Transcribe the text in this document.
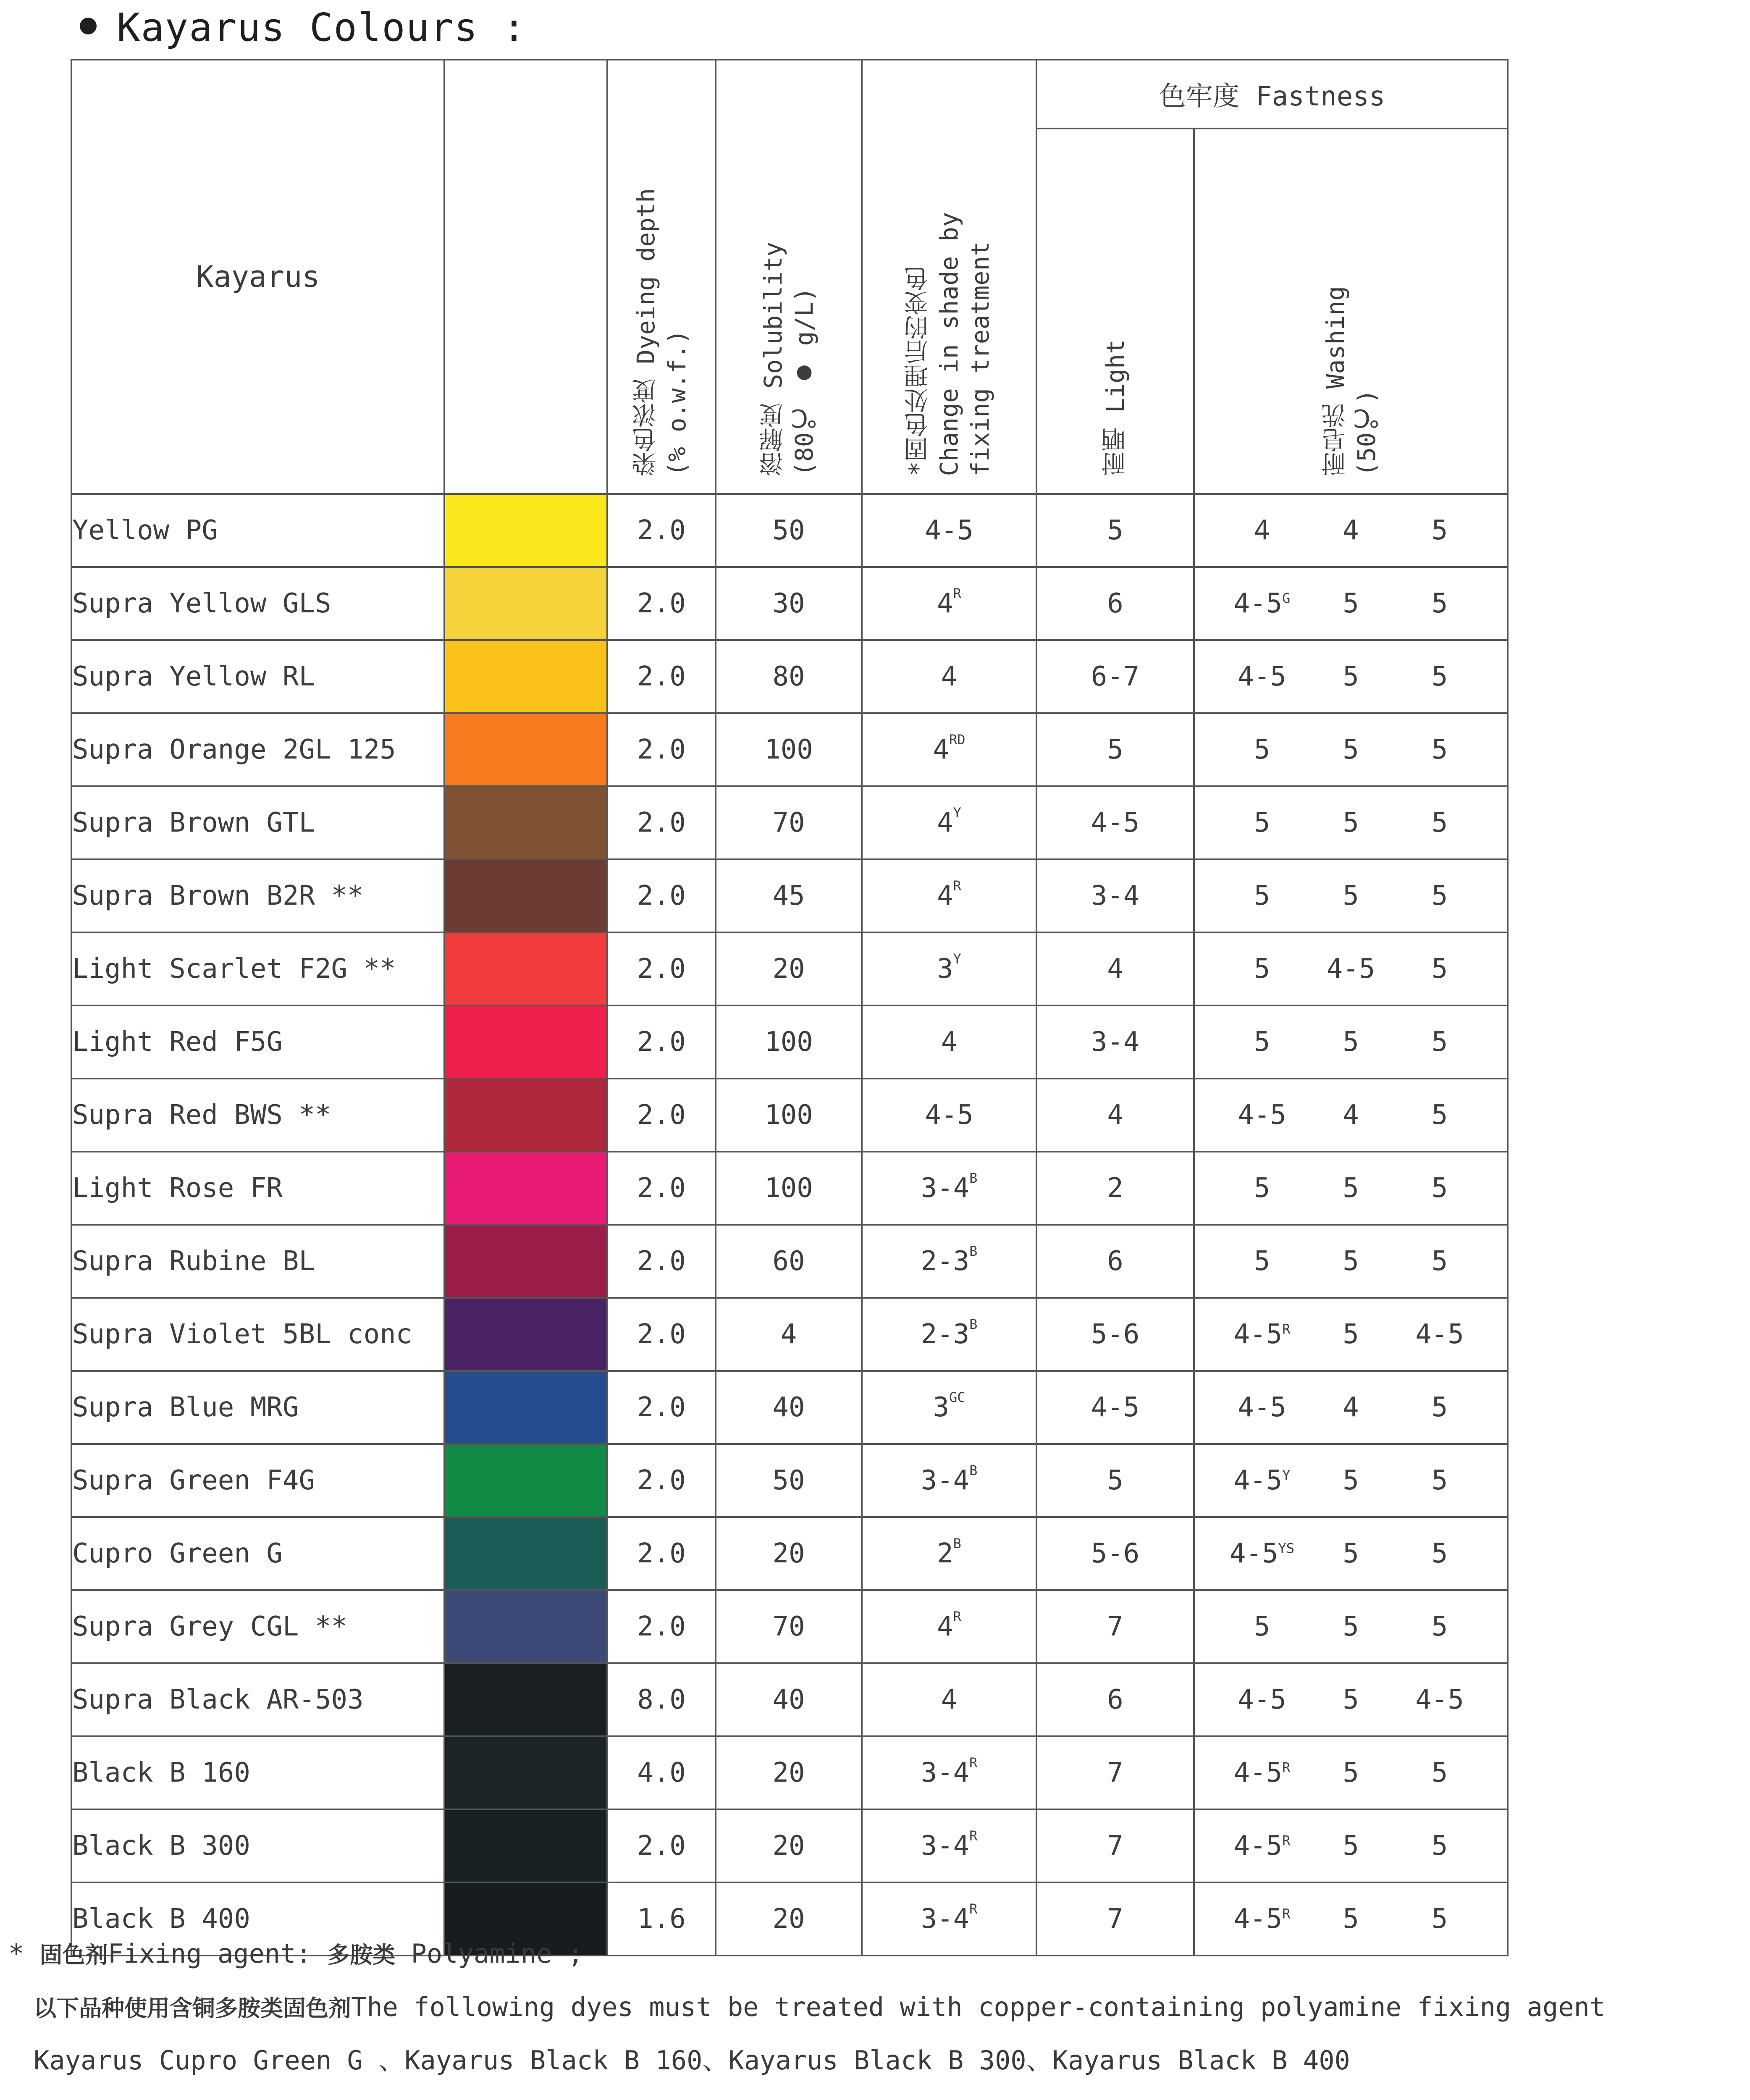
Kayarus Colours :
Kayarus		染色浓度 Dyeing depth (% o.w.f.)	溶解度 Solubility (80℃ ● g/L)	*固色处理后的变色 Change in shade by fixing treatment	色牢度 Fastness	

					耐晒 Light	耐皂洗 Washing (50℃)

Yellow PG		2.0	50	4-5	5	4 4 5

Supra Yellow GLS		2.0	30	$4^R$	6	$4-5^G$ 5 5

Supra Yellow RL		2.0	80	4	6-7	4-5 5 5

Supra Orange 2GL 125		2.0	100	4RD	5	5 5 5

Supra Brown GTL		2.0	70	$4^Y$	4-5	5 5 5

Supra Brown B2R **		2.0	45	$4^R$	3-4	5 5 5

Light Scarlet F2G **		2.0	20	$3^Y$	4	5 4-5 5

Light Red F5G		2.0	100	4	3-4	5 5 5

Supra Red BWS **		2.0	100	4-5	4	4-5 4 5

Light Rose FR		2.0	100	$3-4^B$	2	5 5 5

Supra Rubine BL		2.0	60	$2-3^B$	6	5 5 5

Supra Violet 5BL conc		2.0	4	$2-3^B$	5-6	$4-5^R$ 5 4-5

Supra Blue MRG		2.0	40	$3^{GC}$	4-5	4-5 4 5

Supra Green F4G		2.0	50	$3-4^B$	5	$4-5^Y$ 5 5

Cupro Green G		2.0	20	$2^B$	5-6	$4-5^{YS}$ 5 5

Supra Grey CGL **		2.0	70	$4^R$	7	5 5 5

Supra Black AR-503		8.0	40	4	6	4-5 5 4-5

Black B 160		4.0	20	$3-4^R$	7	$4-5^R$ 5 5

Black B 300		2.0	20	$3-4^R$	7	$4-5^R$ 5 5

Black B 400		1.6	20	$3-4^R$	7	$4-5^R$ 5 5
* 固色剂Fixing agent: 多胺类 Polyamine ;
以下品种使用含铜多胺类固色剂The following dyes must be treated with copper-containing polyamine fixing agent
Kayarus Cupro Green G 、Kayarus Black B 160、Kayarus Black B 300、Kayarus Black B 400
